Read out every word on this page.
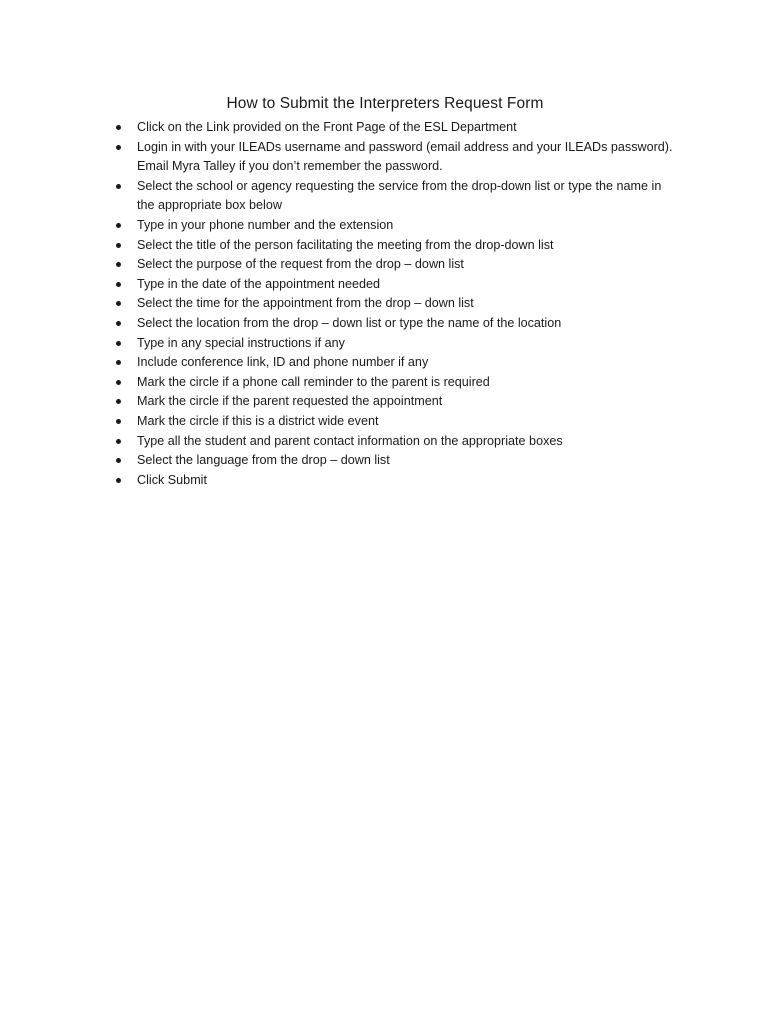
How to Submit the Interpreters Request Form
Click on the Link provided on the Front Page of the ESL Department
Login in with your ILEADs username and password (email address and your ILEADs password). Email Myra Talley if you don’t remember the password.
Select the school or agency requesting the service from the drop-down list or type the name in the appropriate box below
Type in your phone number and the extension
Select the title of the person facilitating the meeting from the drop-down list
Select the purpose of the request from the drop – down list
Type in the date of the appointment needed
Select the time for the appointment from the drop – down list
Select the location from the drop – down list or type the name of the location
Type in any special instructions if any
Include conference link, ID and phone number if any
Mark the circle if a phone call reminder to the parent is required
Mark the circle if the parent requested the appointment
Mark the circle if this is a district wide event
Type all the student and parent contact information on the appropriate boxes
Select the language from the drop – down list
Click Submit
